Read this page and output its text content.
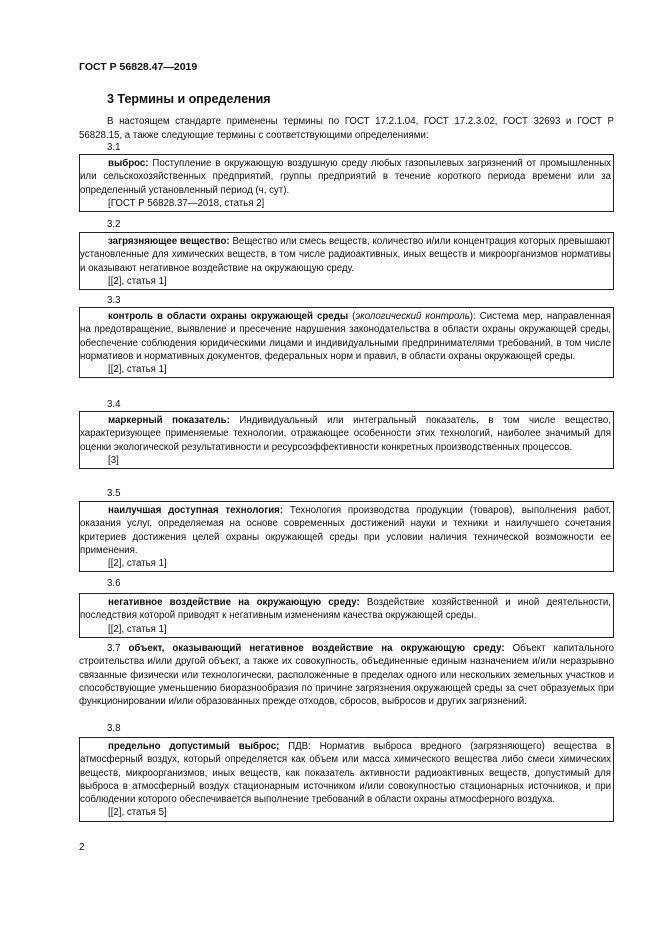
ГОСТ Р 56828.47—2019
3 Термины и определения
В настоящем стандарте применены термины по ГОСТ 17.2.1.04, ГОСТ 17.2.3.02, ГОСТ 32693 и ГОСТ Р 56828.15, а также следующие термины с соответствующими определениями:
3.1
выброс: Поступление в окружающую воздушную среду любых газопылевых загрязнений от промышленных или сельскохозяйственных предприятий, группы предприятий в течение короткого периода времени или за определенный установленный период (ч, сут).
[ГОСТ Р 56828.37—2018, статья 2]
3.2
загрязняющее вещество: Вещество или смесь веществ, количество и/или концентрация которых превышают установленные для химических веществ, в том числе радиоактивных, иных веществ и микроорганизмов нормативы и оказывают негативное воздействие на окружающую среду.
[[2], статья 1]
3.3
контроль в области охраны окружающей среды (экологический контроль): Система мер, направленная на предотвращение, выявление и пресечение нарушения законодательства в области охраны окружающей среды, обеспечение соблюдения юридическими лицами и индивидуальными предпринимателями требований, в том числе нормативов и нормативных документов, федеральных норм и правил, в области охраны окружающей среды.
[[2], статья 1]
3.4
маркерный показатель: Индивидуальный или интегральный показатель, в том числе вещество, характеризующее применяемые технологии, отражающее особенности этих технологий, наиболее значимый для оценки экологической результативности и ресурсоэффективности конкретных производственных процессов.
[3]
3.5
наилучшая доступная технология: Технология производства продукции (товаров), выполнения работ, оказания услуг, определяемая на основе современных достижений науки и техники и наилучшего сочетания критериев достижения целей охраны окружающей среды при условии наличия технической возможности ее применения.
[[2], статья 1]
3.6
негативное воздействие на окружающую среду: Воздействие хозяйственной и иной деятельности, последствия которой приводят к негативным изменениям качества окружающей среды.
[[2], статья 1]
3.7 объект, оказывающий негативное воздействие на окружающую среду: Объект капитального строительства и/или другой объект, а также их совокупность, объединенные единым назначением и/или неразрывно связанные физически или технологически, расположенные в пределах одного или нескольких земельных участков и способствующие уменьшению биоразнообразия по причине загрязнения окружающей среды за счет образуемых при функционировании и/или образованных прежде отходов, сбросов, выбросов и других загрязнений.
3.8
предельно допустимый выброс; ПДВ: Норматив выброса вредного (загрязняющего) вещества в атмосферный воздух, который определяется как объем или масса химического вещества либо смеси химических веществ, микроорганизмов, иных веществ, как показатель активности радиоактивных веществ, допустимый для выброса в атмосферный воздух стационарным источником и/или совокупностью стационарных источников, и при соблюдении которого обеспечивается выполнение требований в области охраны атмосферного воздуха.
[[2], статья 5]
2
